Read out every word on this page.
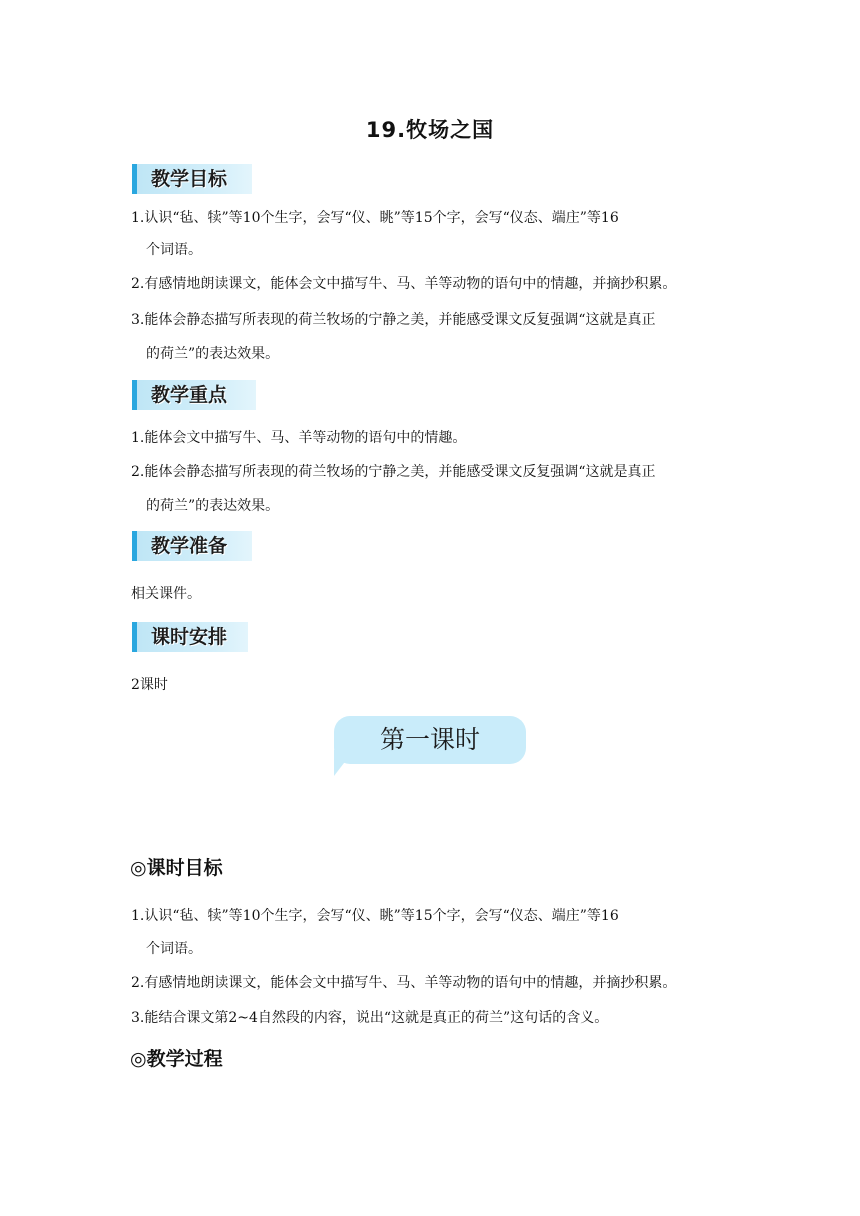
19.牧场之国
教学目标
1.认识“毡、犊”等10个生字，会写“仪、眺”等15个字，会写“仪态、端庄”等16
个词语。
2.有感情地朗读课文，能体会文中描写牛、马、羊等动物的语句中的情趣，并摘抄积累。
3.能体会静态描写所表现的荷兰牧场的宁静之美，并能感受课文反复强调“这就是真正
的荷兰”的表达效果。
教学重点
1.能体会文中描写牛、马、羊等动物的语句中的情趣。
2.能体会静态描写所表现的荷兰牧场的宁静之美，并能感受课文反复强调“这就是真正
的荷兰”的表达效果。
教学准备
相关课件。
课时安排
2课时
第一课时
◎课时目标
1.认识“毡、犊”等10个生字，会写“仪、眺”等15个字，会写“仪态、端庄”等16
个词语。
2.有感情地朗读课文，能体会文中描写牛、马、羊等动物的语句中的情趣，并摘抄积累。
3.能结合课文第2~4自然段的内容，说出“这就是真正的荷兰”这句话的含义。
◎教学过程
